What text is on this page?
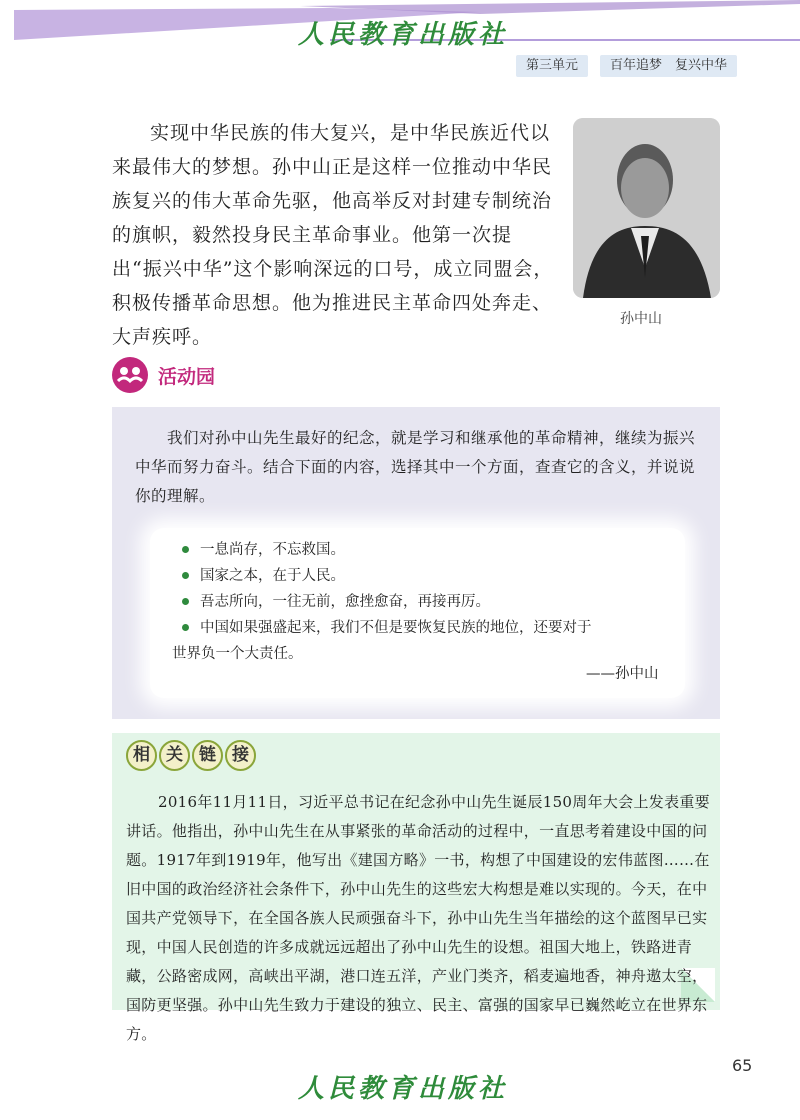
人民教育出版社
第三单元	百年追梦　复兴中华

实现中华民族的伟大复兴，是中华民族近代以来最伟大的梦想。孙中山正是这样一位推动中华民族复兴的伟大革命先驱，他高举反对封建专制统治的旗帜，毅然投身民主革命事业。他第一次提出“振兴中华”这个影响深远的口号，成立同盟会，积极传播革命思想。他为推进民主革命四处奔走、大声疾呼。

孙中山
活动园

我们对孙中山先生最好的纪念，就是学习和继承他的革命精神，继续为振兴中华而努力奋斗。结合下面的内容，选择其中一个方面，查查它的含义，并说说你的理解。

一息尚存，不忘救国。
国家之本，在于人民。
吾志所向，一往无前，愈挫愈奋，再接再厉。
中国如果强盛起来，我们不但是要恢复民族的地位，还要对于
世界负一个大责任。
——孙中山
相 关 链 接

2016年11月11日，习近平总书记在纪念孙中山先生诞辰150周年大会上发表重要讲话。他指出，孙中山先生在从事紧张的革命活动的过程中，一直思考着建设中国的问题。1917年到1919年，他写出《建国方略》一书，构想了中国建设的宏伟蓝图……在旧中国的政治经济社会条件下，孙中山先生的这些宏大构想是难以实现的。今天，在中国共产党领导下，在全国各族人民顽强奋斗下，孙中山先生当年描绘的这个蓝图早已实现，中国人民创造的许多成就远远超出了孙中山先生的设想。祖国大地上，铁路进青藏，公路密成网，高峡出平湖，港口连五洋，产业门类齐，稻麦遍地香，神舟遨太空，国防更坚强。孙中山先生致力于建设的独立、民主、富强的国家早已巍然屹立在世界东方。

65
人民教育出版社
